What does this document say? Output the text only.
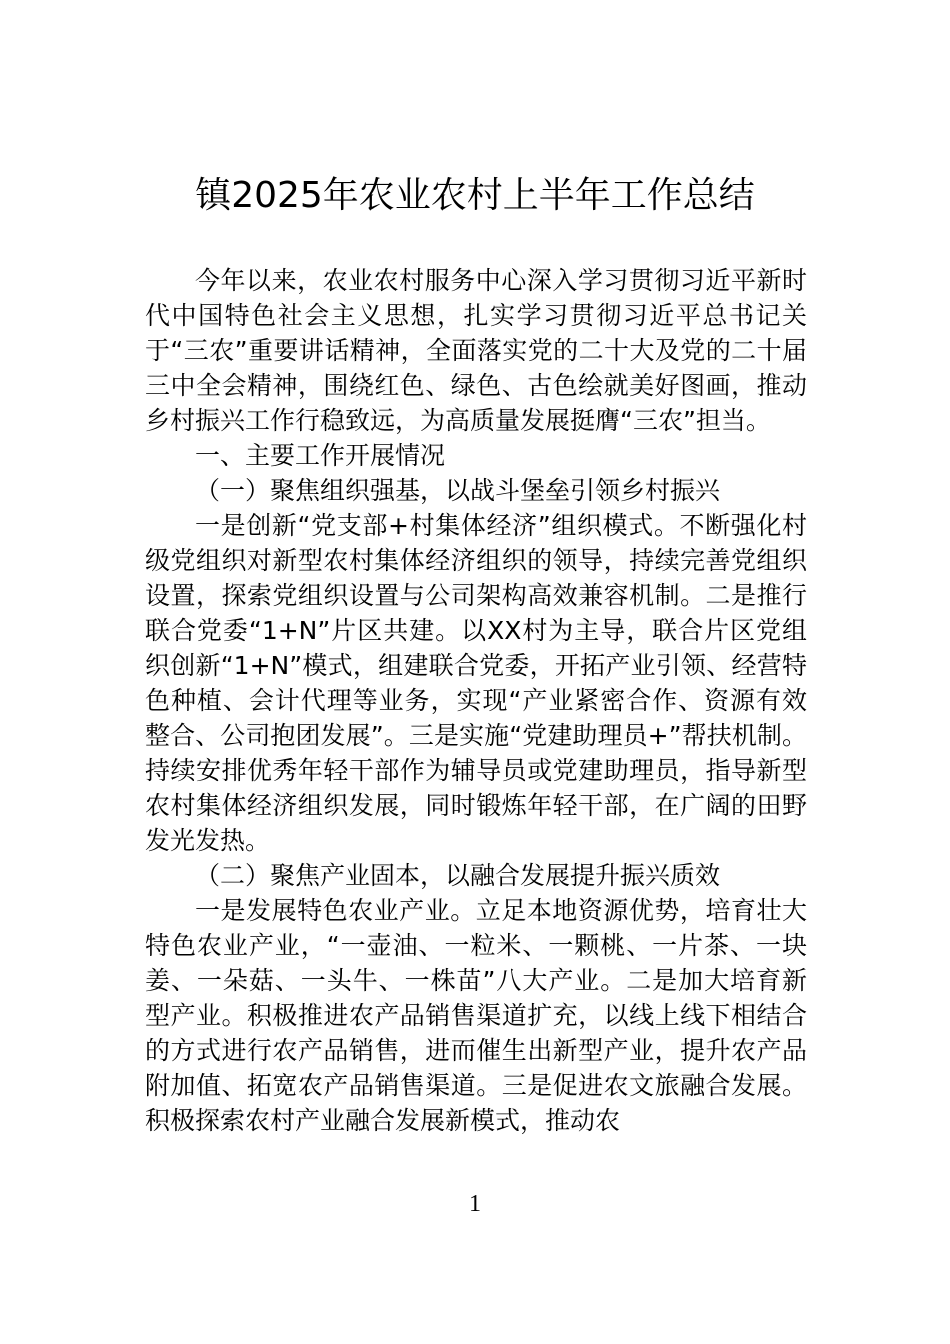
镇2025年农业农村上半年工作总结

今年以来，农业农村服务中心深入学习贯彻习近平新时代中国特色社会主义思想，扎实学习贯彻习近平总书记关于“三农”重要讲话精神，全面落实党的二十大及党的二十届三中全会精神，围绕红色、绿色、古色绘就美好图画，推动乡村振兴工作行稳致远，为高质量发展挺膺“三农”担当。

一、主要工作开展情况

（一）聚焦组织强基，以战斗堡垒引领乡村振兴

一是创新“党支部+村集体经济”组织模式。不断强化村级党组织对新型农村集体经济组织的领导，持续完善党组织设置，探索党组织设置与公司架构高效兼容机制。二是推行联合党委“1+N”片区共建。以XX村为主导，联合片区党组织创新“1+N”模式，组建联合党委，开拓产业引领、经营特色种植、会计代理等业务，实现“产业紧密合作、资源有效整合、公司抱团发展”。三是实施“党建助理员+”帮扶机制。持续安排优秀年轻干部作为辅导员或党建助理员，指导新型农村集体经济组织发展，同时锻炼年轻干部，在广阔的田野发光发热。

（二）聚焦产业固本，以融合发展提升振兴质效

一是发展特色农业产业。立足本地资源优势，培育壮大特色农业产业，“一壶油、一粒米、一颗桃、一片茶、一块姜、一朵菇、一头牛、一株苗”八大产业。二是加大培育新型产业。积极推进农产品销售渠道扩充，以线上线下相结合的方式进行农产品销售，进而催生出新型产业，提升农产品附加值、拓宽农产品销售渠道。三是促进农文旅融合发展。积极探索农村产业融合发展新模式，推动农

1
